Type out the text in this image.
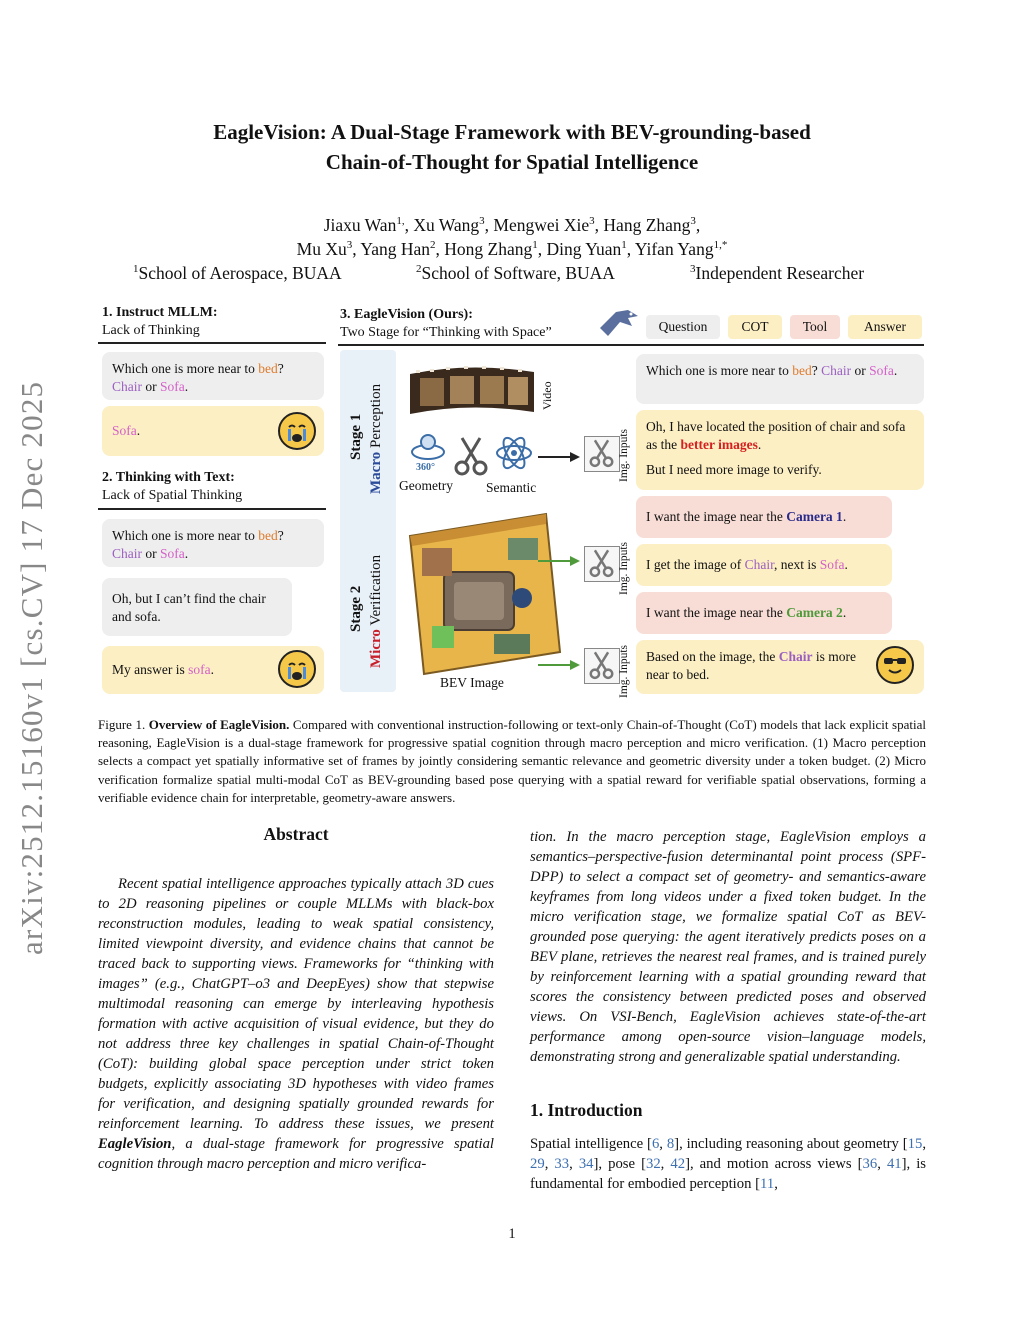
arXiv:2512.15160v1 [cs.CV] 17 Dec 2025
EagleVision: A Dual-Stage Framework with BEV-grounding-based
Chain-of-Thought for Spatial Intelligence
Jiaxu Wan$^{1,}$, Xu Wang$^3$, Mengwei Xie$^3$, Hang Zhang$^3$,
Mu Xu$^3$, Yang Han$^2$, Hong Zhang$^1$, Ding Yuan$^1$, Yifan Yang$^{1,*}$
$^1$School of Aerospace, BUAA	$^2$School of Software, BUAA	$^3$Independent Researcher
1. Instruct MLLM:
Lack of Thinking
Which one is more near to bed?
Chair or Sofa.
Sofa.
2. Thinking with Text:
Lack of Spatial Thinking
Which one is more near to bed?
Chair or Sofa.
Oh, but I can’t find the chair and sofa.
My answer is sofa.
3. EagleVision (Ours):
Two Stage for “Thinking with Space”	Question	COT	Tool	Answer
Stage 1
Macro Perception
Stage 2
Micro Verification
Video
360°
Geometry Semantic
Img. Inputs
BEV Image
Img. Inputs
Img. Inputs
Which one is more near to bed? Chair or Sofa.
Oh, I have located the position of chair and sofa as the better images.
But I need more image to verify.
I want the image near the Camera 1.
I get the image of Chair, next is Sofa.
I want the image near the Camera 2.
Based on the image, the Chair is more near to bed.
Figure 1. Overview of EagleVision. Compared with conventional instruction-following or text-only Chain-of-Thought (CoT) models that lack explicit spatial reasoning, EagleVision is a dual-stage framework for progressive spatial cognition through macro perception and micro verification. (1) Macro perception selects a compact yet spatially informative set of frames by jointly considering semantic relevance and geometric diversity under a token budget. (2) Micro verification formalize spatial multi-modal CoT as BEV-grounding based pose querying with a spatial reward for verifiable spatial observations, forming a verifiable evidence chain for interpretable, geometry-aware answers.
Abstract
Recent spatial intelligence approaches typically attach 3D cues to 2D reasoning pipelines or couple MLLMs with black-box reconstruction modules, leading to weak spatial consistency, limited viewpoint diversity, and evidence chains that cannot be traced back to supporting views. Frameworks for “thinking with images” (e.g., ChatGPT–o3 and DeepEyes) show that stepwise multimodal reasoning can emerge by interleaving hypothesis formation with active acquisition of visual evidence, but they do not address three key challenges in spatial Chain-of-Thought (CoT): building global space perception under strict token budgets, explicitly associating 3D hypotheses with video frames for verification, and designing spatially grounded rewards for reinforcement learning. To address these issues, we present EagleVision, a dual-stage framework for progressive spatial cognition through macro perception and micro verifica-
tion. In the macro perception stage, EagleVision employs a semantics–perspective-fusion determinantal point process (SPF-DPP) to select a compact set of geometry- and semantics-aware keyframes from long videos under a fixed token budget. In the micro verification stage, we formalize spatial CoT as BEV-grounded pose querying: the agent iteratively predicts poses on a BEV plane, retrieves the nearest real frames, and is trained purely by reinforcement learning with a spatial grounding reward that scores the consistency between predicted poses and observed views. On VSI-Bench, EagleVision achieves state-of-the-art performance among open-source vision–language models, demonstrating strong and generalizable spatial understanding.
1. Introduction
Spatial intelligence [6, 8], including reasoning about geometry [15, 29, 33, 34], pose [32, 42], and motion across views [36, 41], is fundamental for embodied perception [11,
1
